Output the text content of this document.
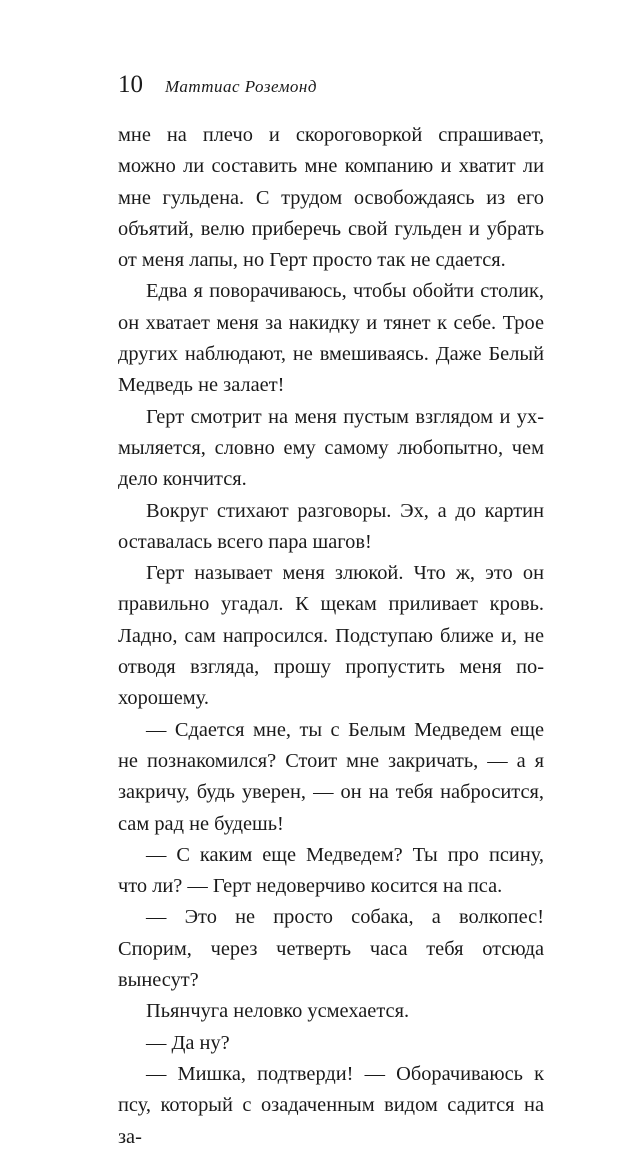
10 Маттиас Роземонд

мне на плечо и скороговоркой спрашивает, можно ли составить мне компанию и хватит ли мне гульдена. С трудом освобождаясь из его объятий, велю приберечь свой гульден и убрать от меня лапы, но Герт просто так не сдается.

Едва я поворачиваюсь, чтобы обойти столик, он хватает меня за накидку и тянет к себе. Трое других наблюдают, не вмешиваясь. Даже Белый Медведь не залает!

Герт смотрит на меня пустым взглядом и ухмыляется, словно ему самому любопытно, чем дело кончится.

Вокруг стихают разговоры. Эх, а до картин оставалась всего пара шагов!

Герт называет меня злюкой. Что ж, это он правильно угадал. К щекам приливает кровь. Ладно, сам напросился. Подступаю ближе и, не отводя взгляда, прошу пропустить меня по-хорошему.

— Сдается мне, ты с Белым Медведем еще не познакомился? Стоит мне закричать, — а я закричу, будь уверен, — он на тебя набросится, сам рад не будешь!

— С каким еще Медведем? Ты про псину, что ли? — Герт недоверчиво косится на пса.

— Это не просто собака, а волкопес! Спорим, через четверть часа тебя отсюда вынесут?

Пьянчуга неловко усмехается.

— Да ну?

— Мишка, подтверди! — Оборачиваюсь к псу, который с озадаченным видом садится на за-
